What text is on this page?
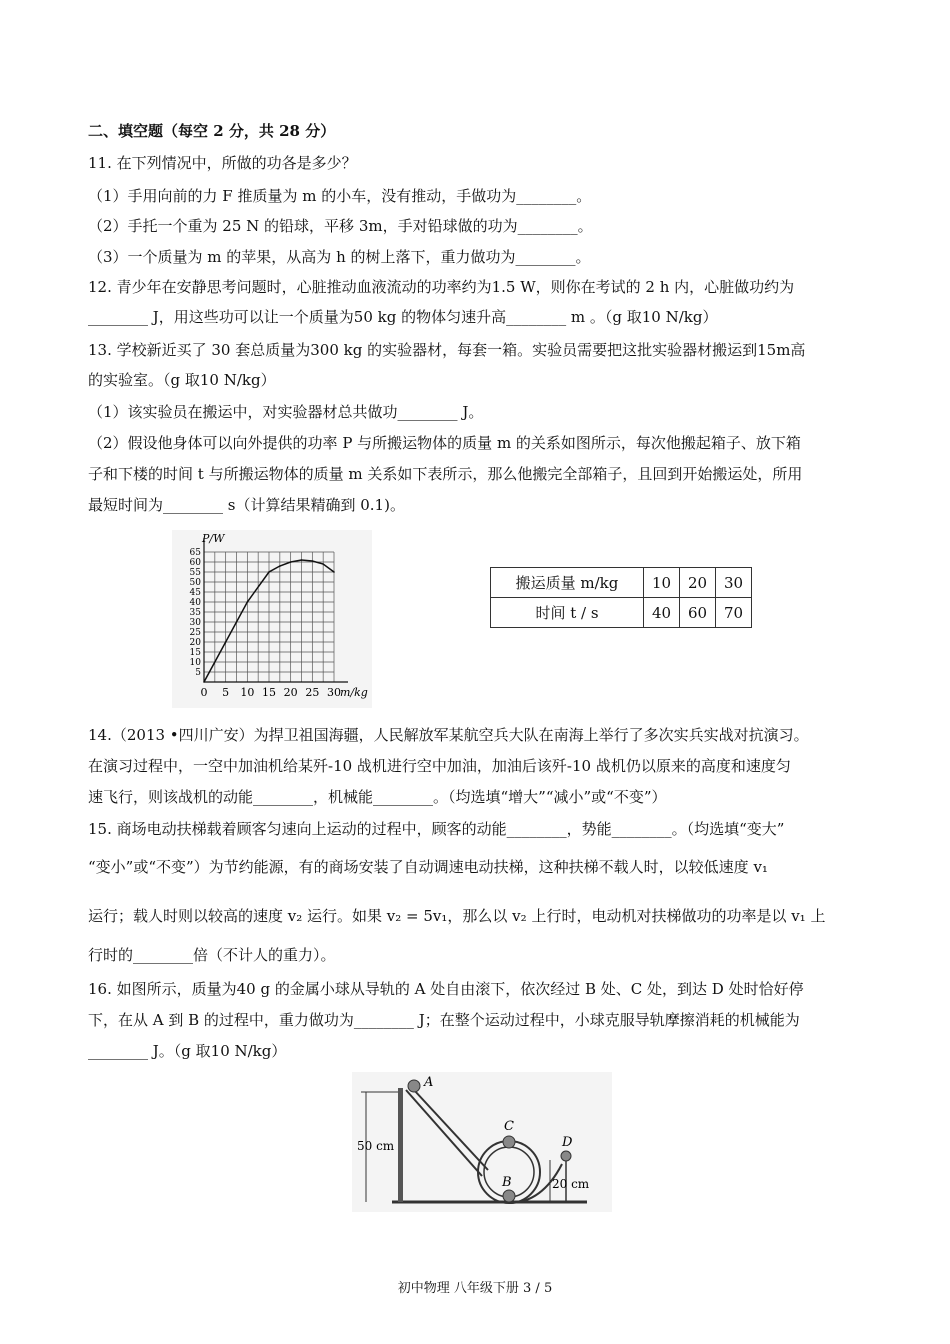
二、填空题（每空 2 分，共 28 分）
11. 在下列情况中，所做的功各是多少？
（1）手用向前的力 F 推质量为 m 的小车，没有推动，手做功为________。
（2）手托一个重为 25 N 的铅球，平移 3m，手对铅球做的功为________。
（3）一个质量为 m 的苹果，从高为 h 的树上落下，重力做功为________。
12. 青少年在安静思考问题时，心脏推动血液流动的功率约为1.5 W，则你在考试的 2 h 内，心脏做功约为
________ J，用这些功可以让一个质量为50 kg 的物体匀速升高________ m 。（g 取10 N/kg）
13. 学校新近买了 30 套总质量为300 kg 的实验器材，每套一箱。实验员需要把这批实验器材搬运到15m高
的实验室。（g 取10 N/kg）
（1）该实验员在搬运中，对实验器材总共做功________ J。
（2）假设他身体可以向外提供的功率 P 与所搬运物体的质量 m 的关系如图所示，每次他搬起箱子、放下箱
子和下楼的时间 t 与所搬运物体的质量 m 关系如下表所示，那么他搬完全部箱子，且回到开始搬运处，所用
最短时间为________ s（计算结果精确到 0.1)。
0 5 10 15 20 25 30
5
10
15
20
25
30
35
40
45
50
55
60
65
P/W
m/kg
搬运质量 m/kg	10	20	30
时间 t / s	40	60	70
14.（2013 •四川广安）为捍卫祖国海疆，人民解放军某航空兵大队在南海上举行了多次实兵实战对抗演习。
在演习过程中，一空中加油机给某歼-10 战机进行空中加油，加油后该歼-10 战机仍以原来的高度和速度匀
速飞行，则该战机的动能________，机械能________。（均选填“增大”“减小”或“不变”）
15. 商场电动扶梯载着顾客匀速向上运动的过程中，顾客的动能________，势能________。（均选填“变大”
“变小”或“不变”）为节约能源，有的商场安装了自动调速电动扶梯，这种扶梯不载人时，以较低速度 v₁
运行；载人时则以较高的速度 v₂ 运行。如果 v₂ = 5v₁，那么以 v₂ 上行时，电动机对扶梯做功的功率是以 v₁ 上
行时的________倍（不计人的重力）。
16. 如图所示，质量为40 g 的金属小球从导轨的 A 处自由滚下，依次经过 B 处、C 处，到达 D 处时恰好停
下，在从 A 到 B 的过程中，重力做功为________ J；在整个运动过程中，小球克服导轨摩擦消耗的机械能为
________ J。（g 取10 N/kg）
A
C
B
D
50 cm
20 cm
初中物理 八年级下册 3 / 5
